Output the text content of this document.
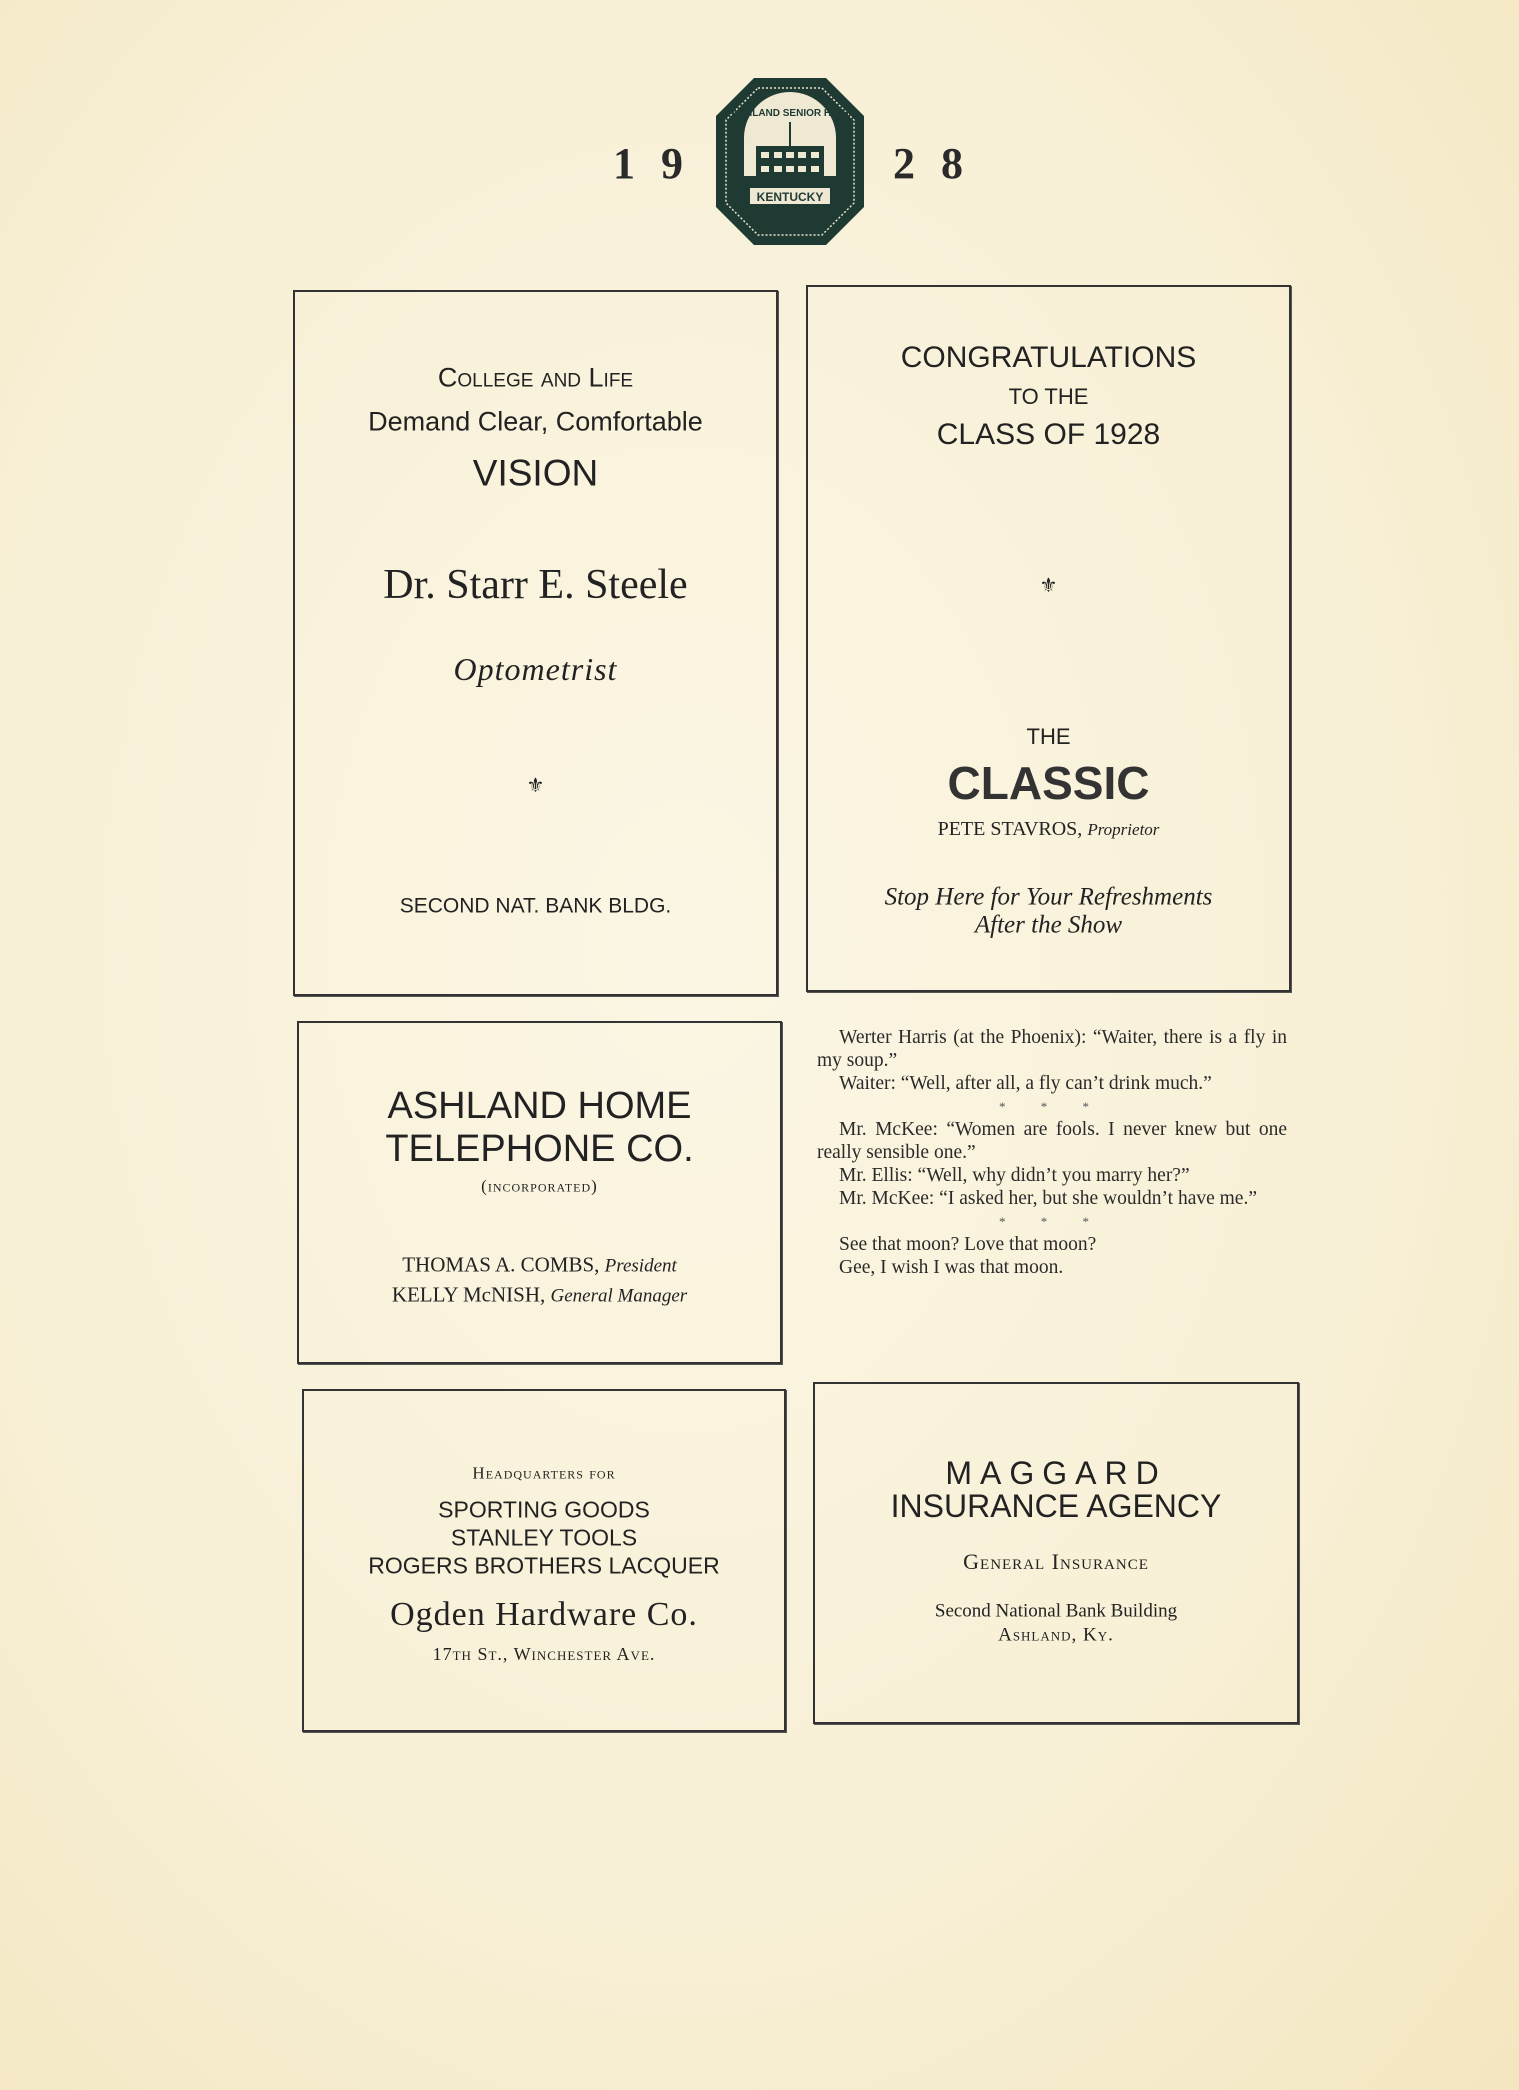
19	28
KENTUCKY
ASHLAND SENIOR HIGH
College and Life
Demand Clear, Comfortable
VISION
Dr. Starr E. Steele
Optometrist
⚜
SECOND NAT. BANK BLDG.
CONGRATULATIONS
TO THE
CLASS OF 1928
⚜
THE
CLASSIC
PETE STAVROS, Proprietor
Stop Here for Your Refreshments
After the Show
ASHLAND HOME
TELEPHONE CO.
(incorporated)
THOMAS A. COMBS, President
KELLY McNISH, General Manager

Werter Harris (at the Phoenix): “Waiter, there is a fly in my soup.”

Waiter: “Well, after all, a fly can’t drink much.”

* * *

Mr. McKee: “Women are fools. I never knew but one really sensible one.”

Mr. Ellis: “Well, why didn’t you marry her?”

Mr. McKee: “I asked her, but she wouldn’t have me.”

* * *

See that moon? Love that moon?

Gee, I wish I was that moon.

Headquarters for
SPORTING GOODS
STANLEY TOOLS
ROGERS BROTHERS LACQUER
Ogden Hardware Co.
17th St., Winchester Ave.
MAGGARD
INSURANCE AGENCY
General Insurance
Second National Bank Building
Ashland, Ky.
